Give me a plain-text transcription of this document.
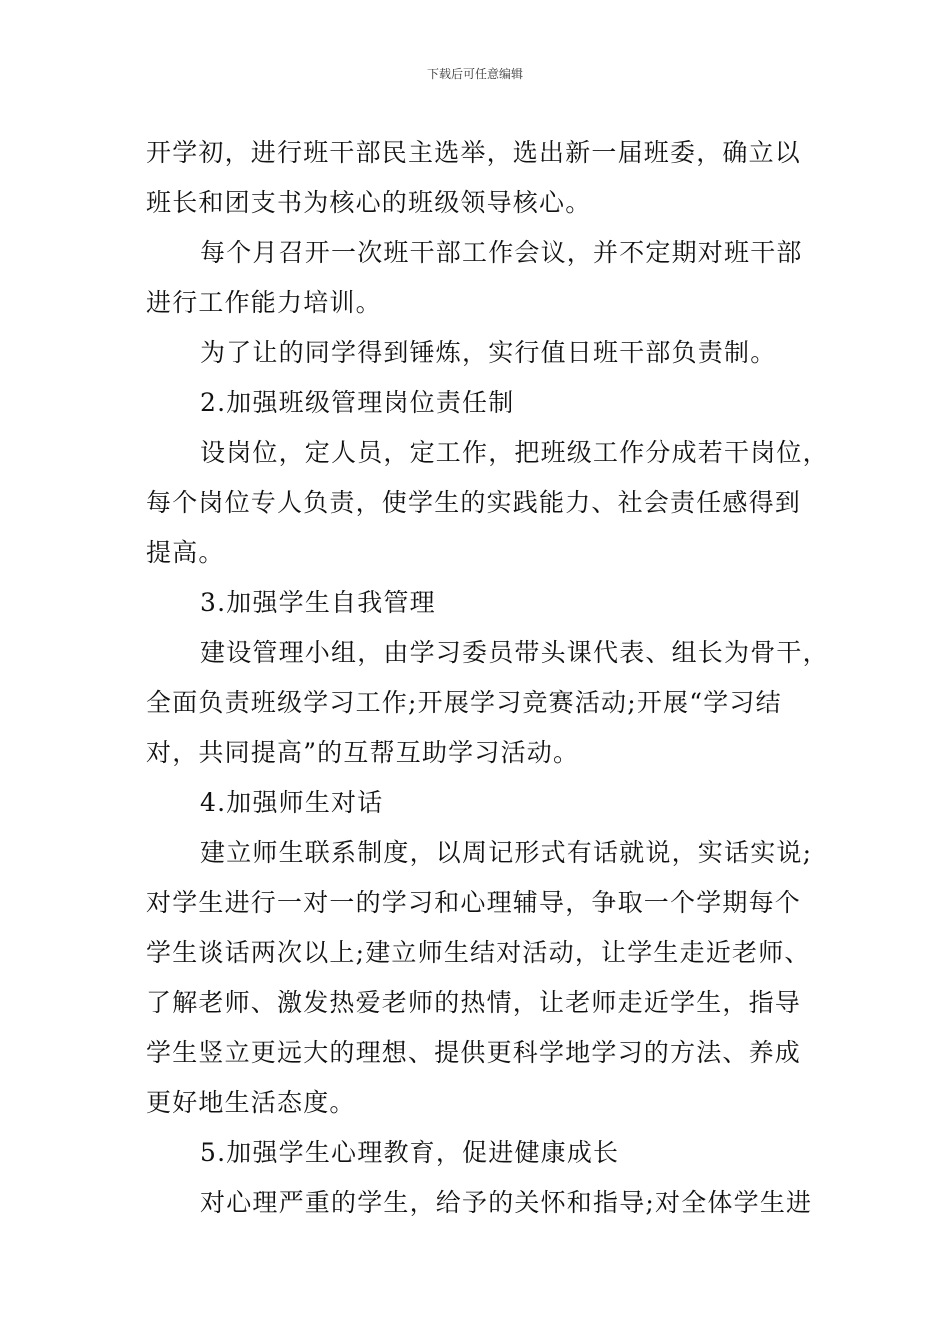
下载后可任意编辑

开学初，进行班干部民主选举，选出新一届班委，确立以
班长和团支书为核心的班级领导核心。

每个月召开一次班干部工作会议，并不定期对班干部
进行工作能力培训。

为了让的同学得到锤炼，实行值日班干部负责制。

2.加强班级管理岗位责任制

设岗位，定人员，定工作，把班级工作分成若干岗位，
每个岗位专人负责，使学生的实践能力、社会责任感得到
提高。

3.加强学生自我管理

建设管理小组，由学习委员带头课代表、组长为骨干，
全面负责班级学习工作;开展学习竞赛活动;开展“学习结
对，共同提高”的互帮互助学习活动。

4.加强师生对话

建立师生联系制度，以周记形式有话就说，实话实说;
对学生进行一对一的学习和心理辅导，争取一个学期每个
学生谈话两次以上;建立师生结对活动，让学生走近老师、
了解老师、激发热爱老师的热情，让老师走近学生，指导
学生竖立更远大的理想、提供更科学地学习的方法、养成
更好地生活态度。

5.加强学生心理教育，促进健康成长

对心理严重的学生，给予的关怀和指导;对全体学生进
